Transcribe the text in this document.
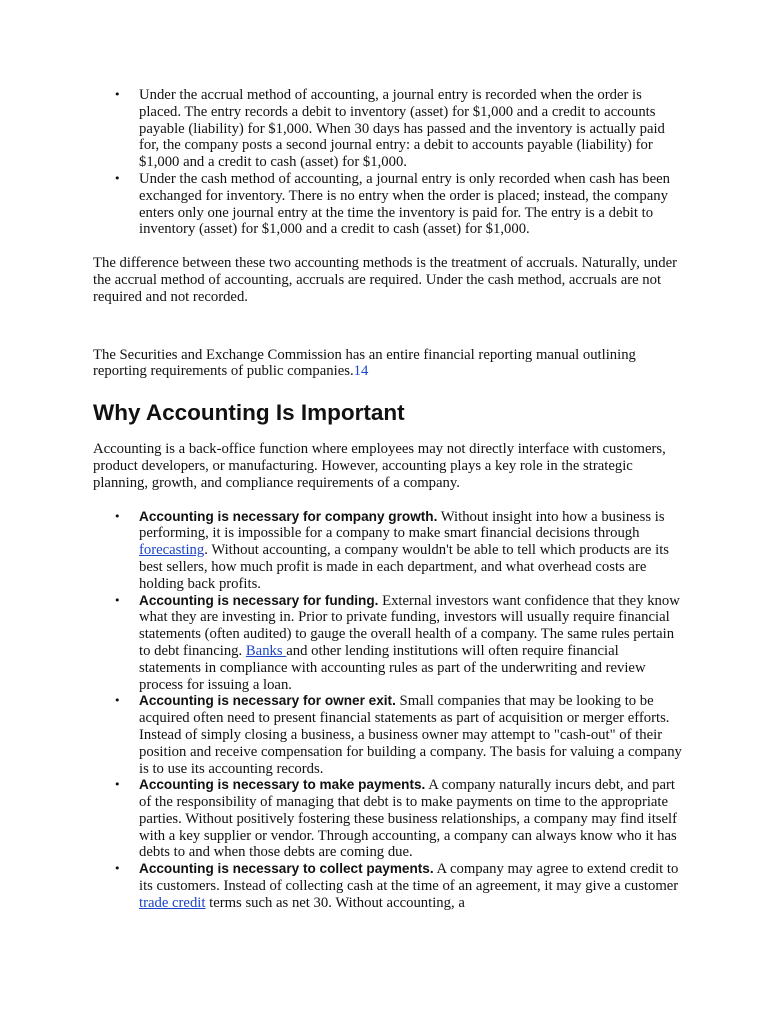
• Under the accrual method of accounting, a journal entry is recorded when the order is placed. The entry records a debit to inventory (asset) for $1,000 and a credit to accounts payable (liability) for $1,000. When 30 days has passed and the inventory is actually paid for, the company posts a second journal entry: a debit to accounts payable (liability) for $1,000 and a credit to cash (asset) for $1,000.
• Under the cash method of accounting, a journal entry is only recorded when cash has been exchanged for inventory. There is no entry when the order is placed; instead, the company enters only one journal entry at the time the inventory is paid for. The entry is a debit to inventory (asset) for $1,000 and a credit to cash (asset) for $1,000.

The difference between these two accounting methods is the treatment of accruals. Naturally, under the accrual method of accounting, accruals are required. Under the cash method, accruals are not required and not recorded.

The Securities and Exchange Commission has an entire financial reporting manual outlining reporting requirements of public companies.14

Why Accounting Is Important

Accounting is a back-office function where employees may not directly interface with customers, product developers, or manufacturing. However, accounting plays a key role in the strategic planning, growth, and compliance requirements of a company.

• Accounting is necessary for company growth. Without insight into how a business is performing, it is impossible for a company to make smart financial decisions through forecasting. Without accounting, a company wouldn't be able to tell which products are its best sellers, how much profit is made in each department, and what overhead costs are holding back profits.
• Accounting is necessary for funding. External investors want confidence that they know what they are investing in. Prior to private funding, investors will usually require financial statements (often audited) to gauge the overall health of a company. The same rules pertain to debt financing. Banks and other lending institutions will often require financial statements in compliance with accounting rules as part of the underwriting and review process for issuing a loan.
• Accounting is necessary for owner exit. Small companies that may be looking to be acquired often need to present financial statements as part of acquisition or merger efforts. Instead of simply closing a business, a business owner may attempt to "cash-out" of their position and receive compensation for building a company. The basis for valuing a company is to use its accounting records.
• Accounting is necessary to make payments. A company naturally incurs debt, and part of the responsibility of managing that debt is to make payments on time to the appropriate parties. Without positively fostering these business relationships, a company may find itself with a key supplier or vendor. Through accounting, a company can always know who it has debts to and when those debts are coming due.
• Accounting is necessary to collect payments. A company may agree to extend credit to its customers. Instead of collecting cash at the time of an agreement, it may give a customer trade credit terms such as net 30. Without accounting, a
